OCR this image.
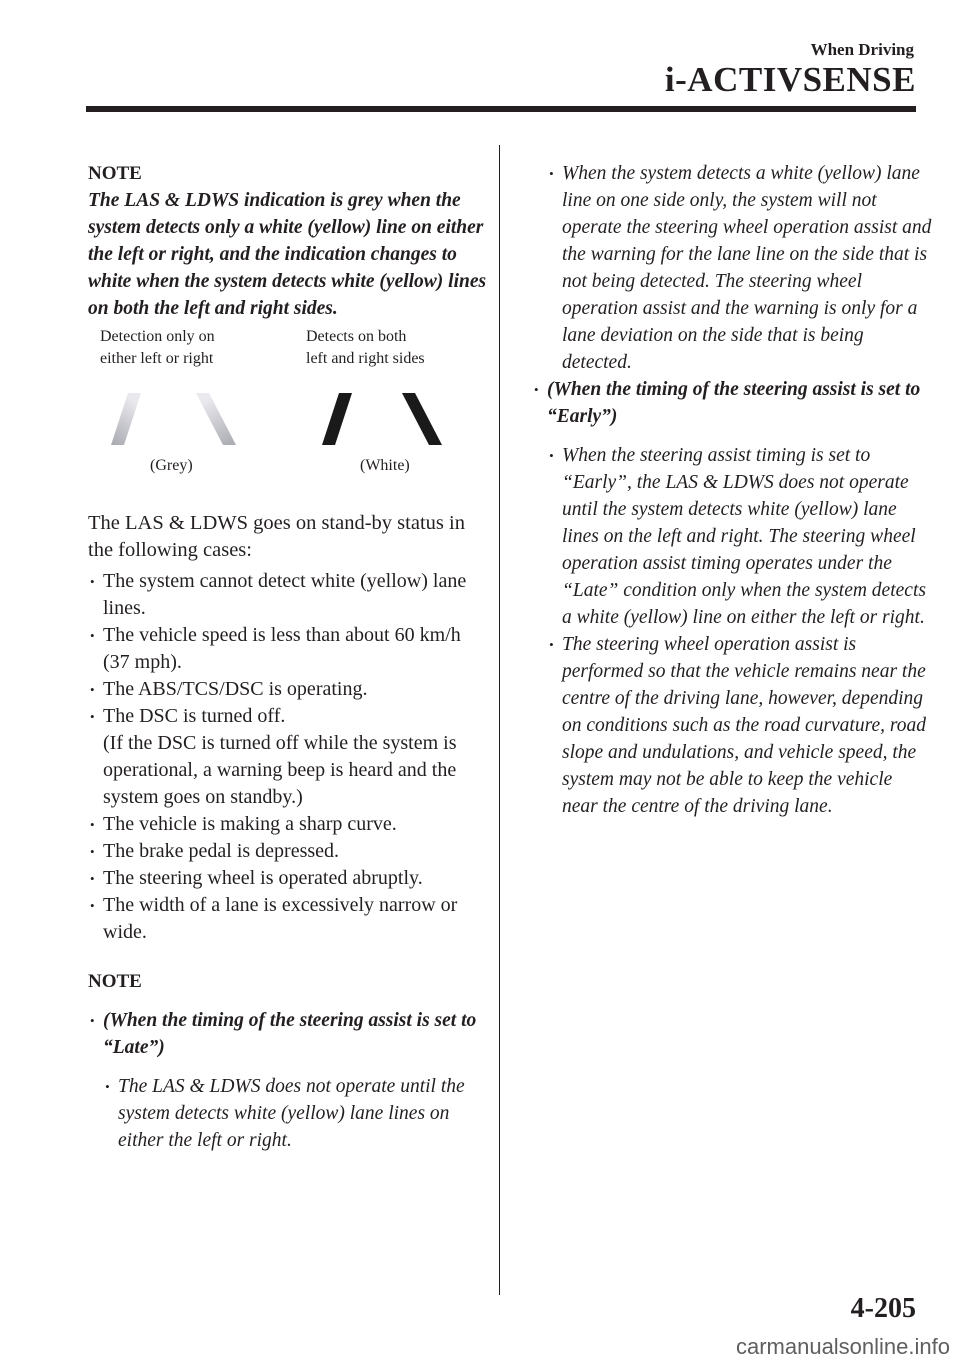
When Driving
i-ACTIVSENSE
NOTE

The LAS & LDWS indication is grey when the system detects only a white (yellow) line on either the left or right, and the indication changes to white when the system detects white (yellow) lines on both the left and right sides.

Detection only on
either left or right
Detects on both
left and right sides
(Grey)	(White)

The LAS & LDWS goes on stand-by status in the following cases:

• The system cannot detect white (yellow) lane lines.
• The vehicle speed is less than about 60 km/h (37 mph).
• The ABS/TCS/DSC is operating.
• The DSC is turned off.
(If the DSC is turned off while the system is operational, a warning beep is heard and the system goes on standby.)
• The vehicle is making a sharp curve.
• The brake pedal is depressed.
• The steering wheel is operated abruptly.
• The width of a lane is excessively narrow or wide.
NOTE
• (When the timing of the steering assist is set to “Late”)
• The LAS & LDWS does not operate until the system detects white (yellow) lane lines on either the left or right.
• When the system detects a white (yellow) lane line on one side only, the system will not operate the steering wheel operation assist and the warning for the lane line on the side that is not being detected. The steering wheel operation assist and the warning is only for a lane deviation on the side that is being detected.
• (When the timing of the steering assist is set to “Early”)
• When the steering assist timing is set to “Early”, the LAS & LDWS does not operate until the system detects white (yellow) lane lines on the left and right. The steering wheel operation assist timing operates under the “Late” condition only when the system detects a white (yellow) line on either the left or right.
• The steering wheel operation assist is performed so that the vehicle remains near the centre of the driving lane, however, depending on conditions such as the road curvature, road slope and undulations, and vehicle speed, the system may not be able to keep the vehicle near the centre of the driving lane.
4-205
carmanualsonline.info
